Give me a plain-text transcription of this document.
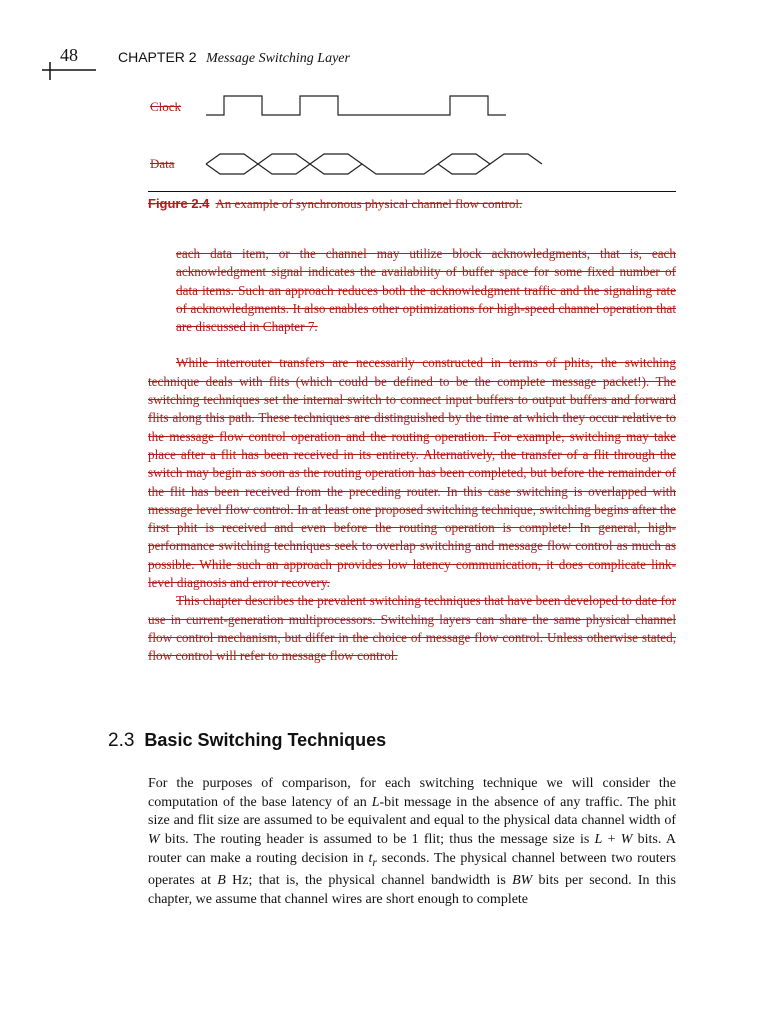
48	CHAPTER 2 Message Switching Layer
Clock
Data
Figure 2.4 An example of synchronous physical channel flow control.

each data item, or the channel may utilize block acknowledgments, that is, each acknowledgment signal indicates the availability of buffer space for some fixed number of data items. Such an approach reduces both the acknowledgment traffic and the signaling rate of acknowledgments. It also enables other optimizations for high-speed channel operation that are discussed in Chapter 7.

While interrouter transfers are necessarily constructed in terms of phits, the switching technique deals with flits (which could be defined to be the complete message packet!). The switching techniques set the internal switch to connect input buffers to output buffers and forward flits along this path. These techniques are distinguished by the time at which they occur relative to the message flow control operation and the routing operation. For example, switching may take place after a flit has been received in its entirety. Alternatively, the transfer of a flit through the switch may begin as soon as the routing operation has been completed, but before the remainder of the flit has been received from the preceding router. In this case switching is overlapped with message level flow control. In at least one proposed switching technique, switching begins after the first phit is received and even before the routing operation is complete! In general, high-performance switching techniques seek to overlap switching and message flow control as much as possible. While such an approach provides low latency communication, it does complicate link-level diagnosis and error recovery.

This chapter describes the prevalent switching techniques that have been developed to date for use in current-generation multiprocessors. Switching layers can share the same physical channel flow control mechanism, but differ in the choice of message flow control. Unless otherwise stated, flow control will refer to message flow control.

2.3 Basic Switching Techniques

For the purposes of comparison, for each switching technique we will consider the computation of the base latency of an L-bit message in the absence of any traffic. The phit size and flit size are assumed to be equivalent and equal to the physical data channel width of W bits. The routing header is assumed to be 1 flit; thus the message size is L + W bits. A router can make a routing decision in $t_r$ seconds. The physical channel between two routers operates at B Hz; that is, the physical channel bandwidth is BW bits per second. In this chapter, we assume that channel wires are short enough to complete
